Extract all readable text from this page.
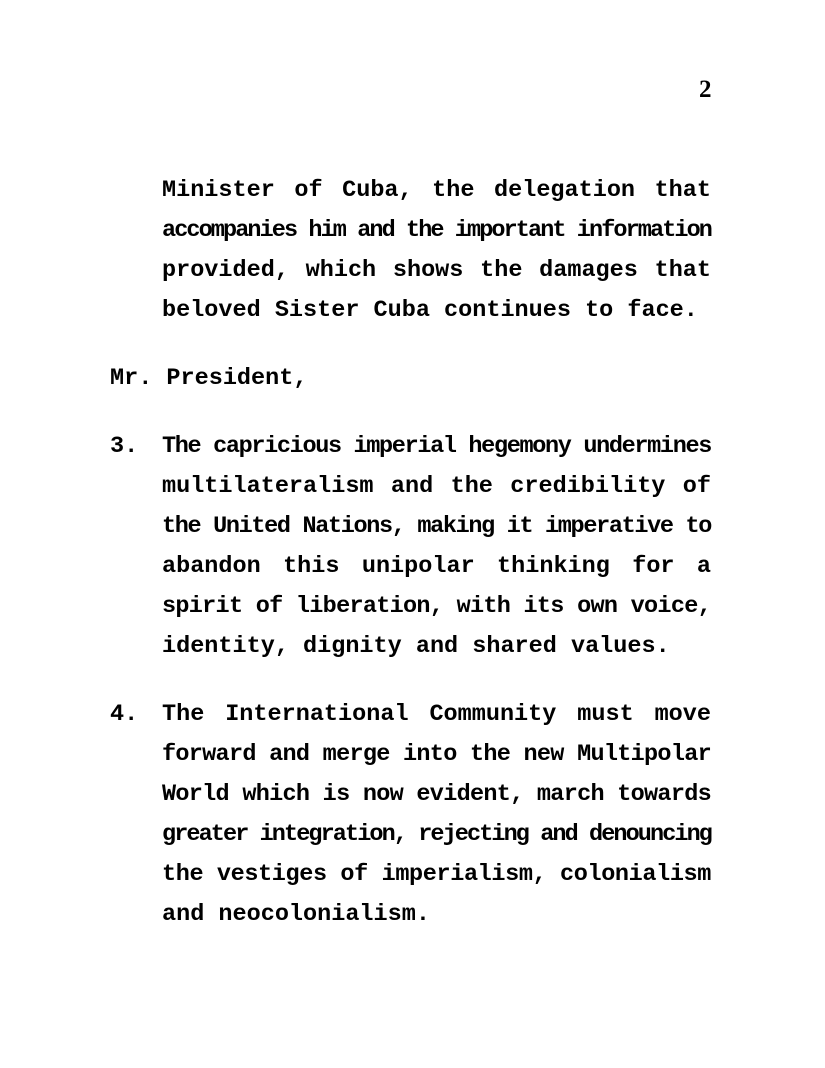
2
Minister of Cuba, the delegation that
accompanies him and the important information
provided, which shows the damages that
beloved Sister Cuba continues to face.
Mr. President,
3. The capricious imperial hegemony undermines
multilateralism and the credibility of
the United Nations, making it imperative to
abandon this unipolar thinking for a
spirit of liberation, with its own voice,
identity, dignity and shared values.
4. The International Community must move
forward and merge into the new Multipolar
World which is now evident, march towards
greater integration, rejecting and denouncing
the vestiges of imperialism, colonialism
and neocolonialism.
